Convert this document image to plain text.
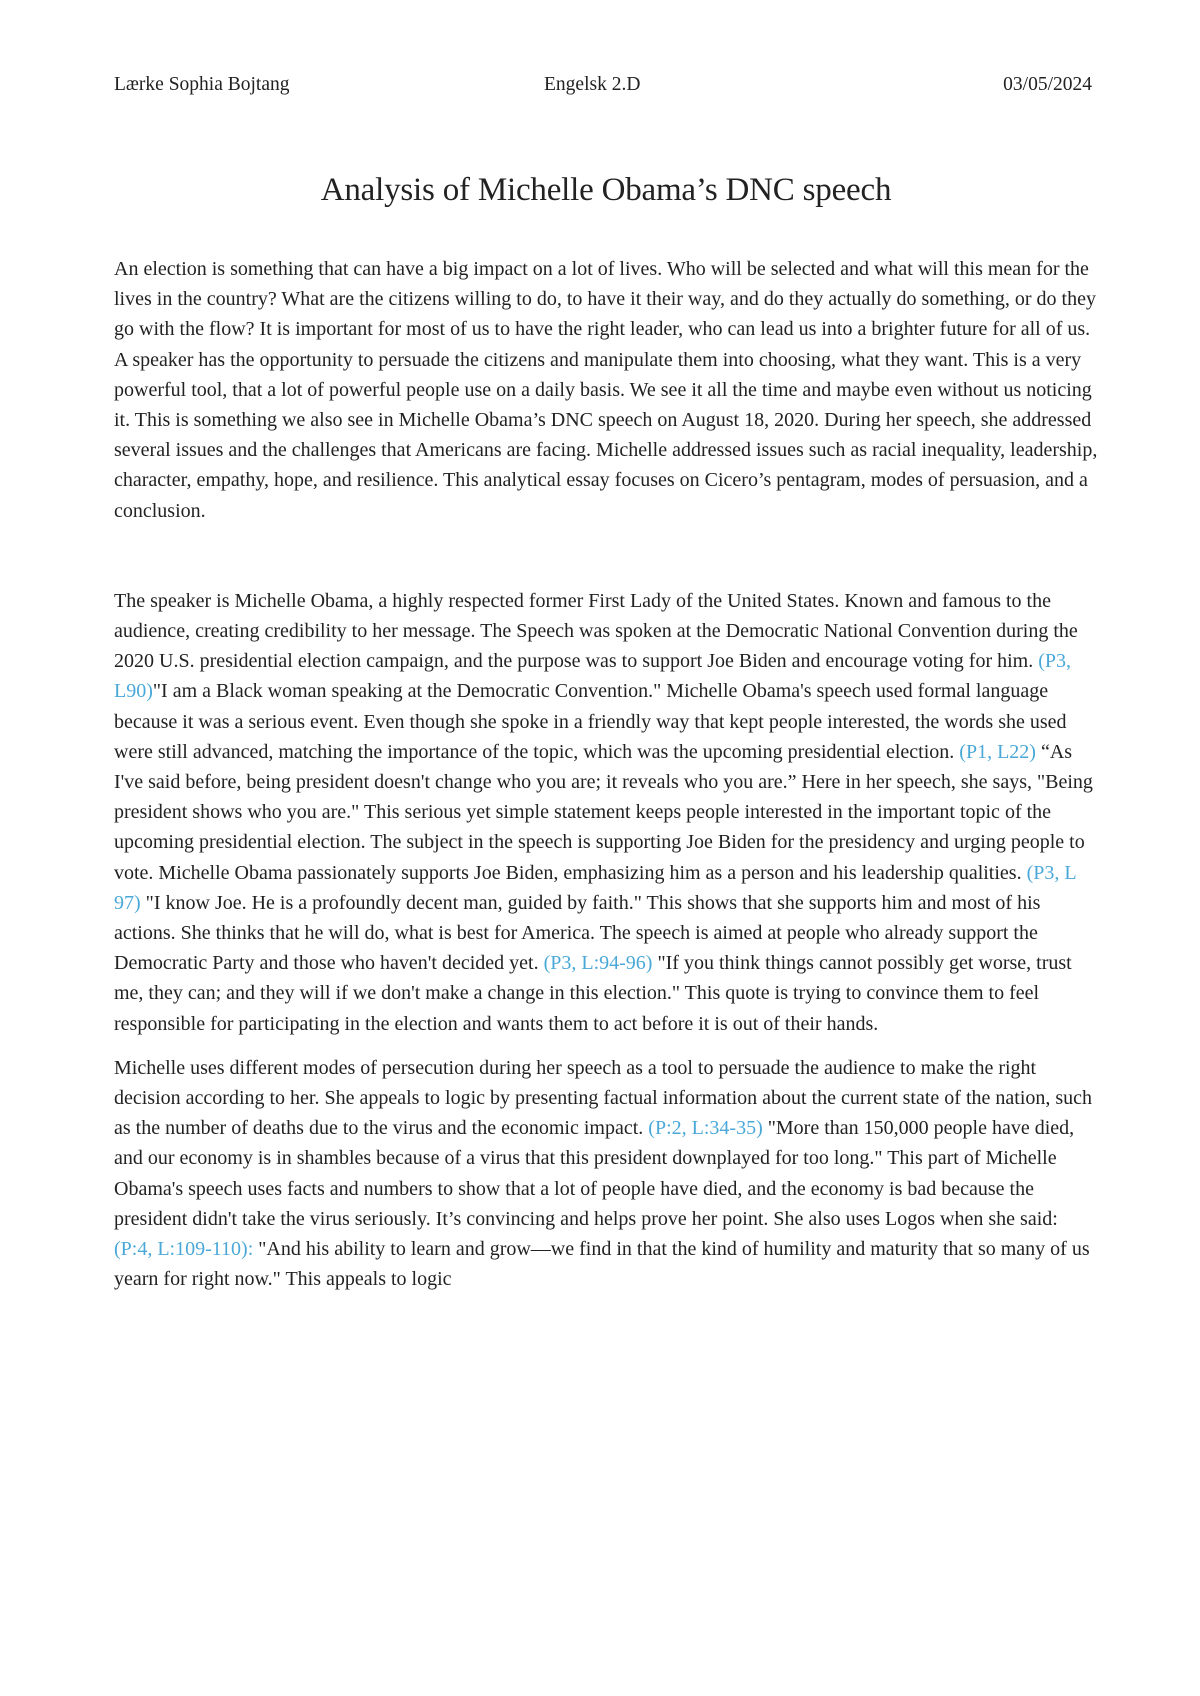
Lærke Sophia Bojtang	Engelsk 2.D	03/05/2024
Analysis of Michelle Obama’s DNC speech

An election is something that can have a big impact on a lot of lives. Who will be selected and what will this mean for the lives in the country? What are the citizens willing to do, to have it their way, and do they actually do something, or do they go with the flow? It is important for most of us to have the right leader, who can lead us into a brighter future for all of us. A speaker has the opportunity to persuade the citizens and manipulate them into choosing, what they want. This is a very powerful tool, that a lot of powerful people use on a daily basis. We see it all the time and maybe even without us noticing it. This is something we also see in Michelle Obama’s DNC speech on August 18, 2020. During her speech, she addressed several issues and the challenges that Americans are facing. Michelle addressed issues such as racial inequality, leadership, character, empathy, hope, and resilience. This analytical essay focuses on Cicero’s pentagram, modes of persuasion, and a conclusion.

The speaker is Michelle Obama, a highly respected former First Lady of the United States. Known and famous to the audience, creating credibility to her message. The Speech was spoken at the Democratic National Convention during the 2020 U.S. presidential election campaign, and the purpose was to support Joe Biden and encourage voting for him. (P3, L90)"I am a Black woman speaking at the Democratic Convention." Michelle Obama's speech used formal language because it was a serious event. Even though she spoke in a friendly way that kept people interested, the words she used were still advanced, matching the importance of the topic, which was the upcoming presidential election. (P1, L22) “As I've said before, being president doesn't change who you are; it reveals who you are.” Here in her speech, she says, "Being president shows who you are." This serious yet simple statement keeps people interested in the important topic of the upcoming presidential election. The subject in the speech is supporting Joe Biden for the presidency and urging people to vote. Michelle Obama passionately supports Joe Biden, emphasizing him as a person and his leadership qualities. (P3, L 97) "I know Joe. He is a profoundly decent man, guided by faith." This shows that she supports him and most of his actions. She thinks that he will do, what is best for America. The speech is aimed at people who already support the Democratic Party and those who haven't decided yet. (P3, L:94-96) "If you think things cannot possibly get worse, trust me, they can; and they will if we don't make a change in this election." This quote is trying to convince them to feel responsible for participating in the election and wants them to act before it is out of their hands.

Michelle uses different modes of persecution during her speech as a tool to persuade the audience to make the right decision according to her. She appeals to logic by presenting factual information about the current state of the nation, such as the number of deaths due to the virus and the economic impact. (P:2, L:34-35) "More than 150,000 people have died, and our economy is in shambles because of a virus that this president downplayed for too long." This part of Michelle Obama's speech uses facts and numbers to show that a lot of people have died, and the economy is bad because the president didn't take the virus seriously. It’s convincing and helps prove her point. She also uses Logos when she said: (P:4, L:109-110): "And his ability to learn and grow—we find in that the kind of humility and maturity that so many of us yearn for right now." This appeals to logic
